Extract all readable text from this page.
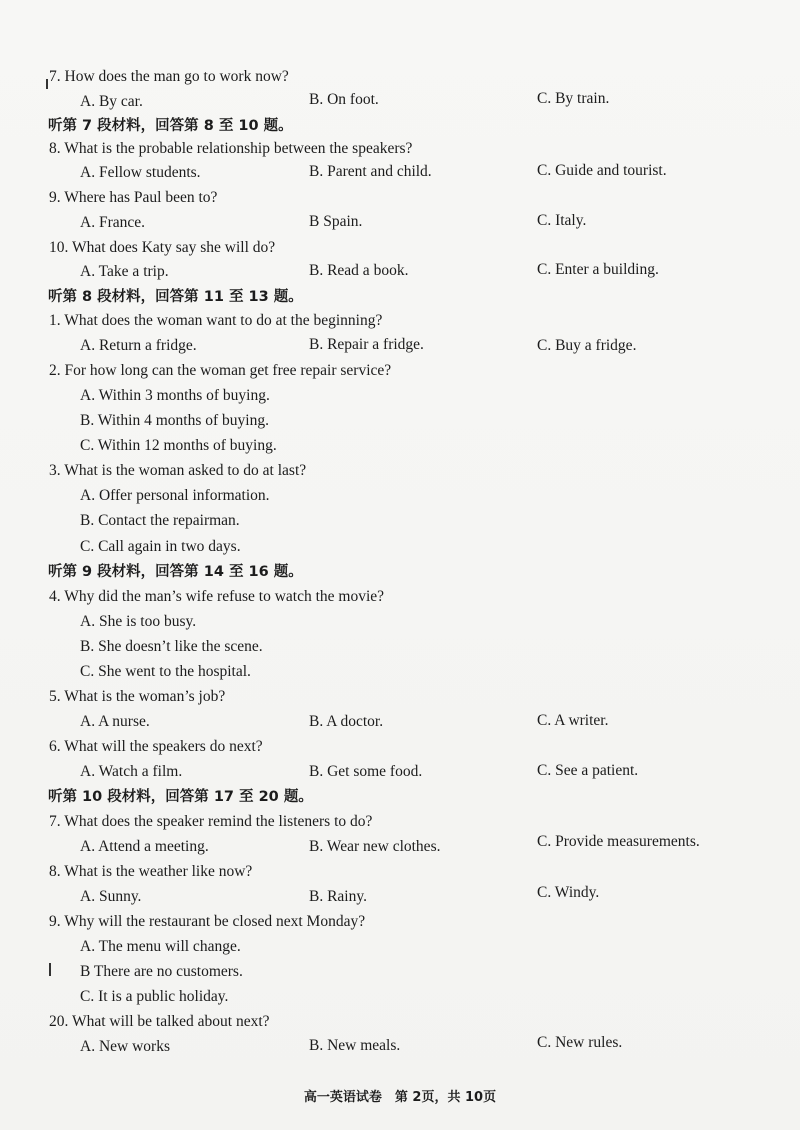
7. How does the man go to work now?
A. By car.	B. On foot.	C. By train.
听第 7 段材料，回答第 8 至 10 题。
8. What is the probable relationship between the speakers?
A. Fellow students.	B. Parent and child.	C. Guide and tourist.
9. Where has Paul been to?
A. France.	B Spain.	C. Italy.
10. What does Katy say she will do?
A. Take a trip.	B. Read a book.	C. Enter a building.
听第 8 段材料，回答第 11 至 13 题。
1. What does the woman want to do at the beginning?
A. Return a fridge.	B. Repair a fridge.	C. Buy a fridge.
2. For how long can the woman get free repair service?
A. Within 3 months of buying.
B. Within 4 months of buying.
C. Within 12 months of buying.
3. What is the woman asked to do at last?
A. Offer personal information.
B. Contact the repairman.
C. Call again in two days.
听第 9 段材料，回答第 14 至 16 题。
4. Why did the man’s wife refuse to watch the movie?
A. She is too busy.
B. She doesn’t like the scene.
C. She went to the hospital.
5. What is the woman’s job?
A. A nurse.	B. A doctor.	C. A writer.
6. What will the speakers do next?
A. Watch a film.	B. Get some food.	C. See a patient.
听第 10 段材料，回答第 17 至 20 题。
7. What does the speaker remind the listeners to do?
A. Attend a meeting.	B. Wear new clothes.	C. Provide measurements.
8. What is the weather like now?
A. Sunny.	B. Rainy.	C. Windy.
9. Why will the restaurant be closed next Monday?
A. The menu will change.
B There are no customers.
C. It is a public holiday.
20. What will be talked about next?
A. New works	B. New meals.	C. New rules.
高一英语试卷　第 2页，共 10页
